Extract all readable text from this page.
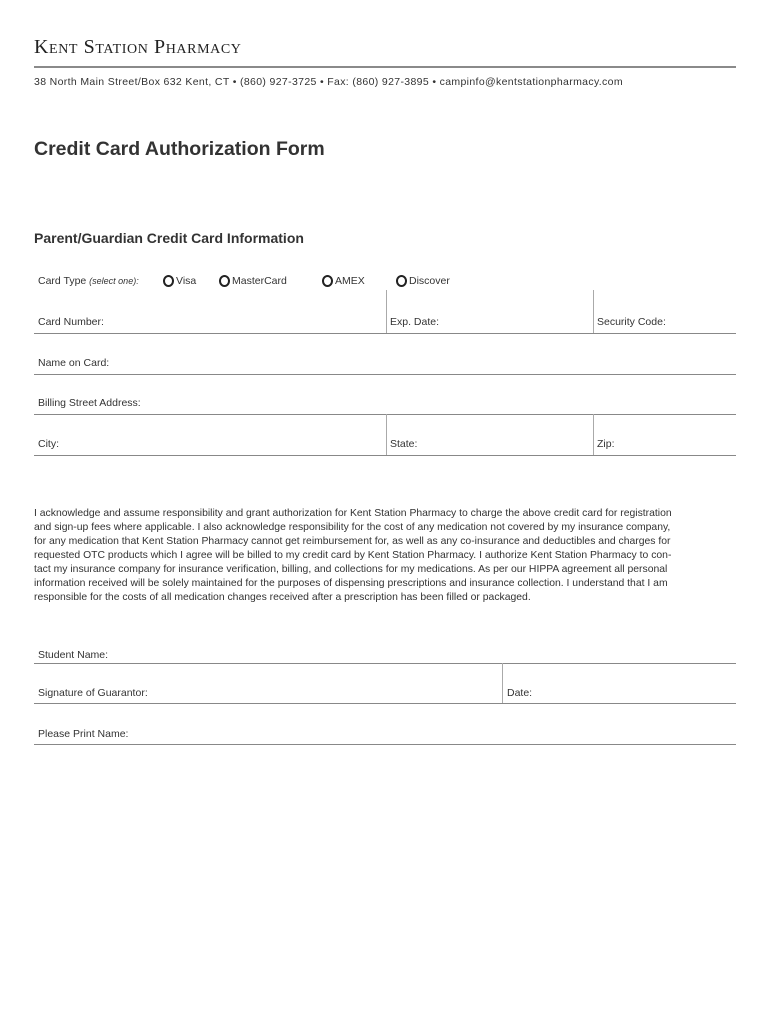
Kent Station Pharmacy
38 North Main Street/Box 632 Kent, CT • (860) 927-3725 • Fax: (860) 927-3895 • campinfo@kentstationpharmacy.com
Credit Card Authorization Form
Parent/Guardian Credit Card Information
Card Type (select one):	Visa	MasterCard	AMEX	Discover
Card Number:	Exp. Date:	Security Code:
Name on Card:
Billing Street Address:
City:	State:	Zip:
I acknowledge and assume responsibility and grant authorization for Kent Station Pharmacy to charge the above credit card for registration
and sign-up fees where applicable. I also acknowledge responsibility for the cost of any medication not covered by my insurance company,
for any medication that Kent Station Pharmacy cannot get reimbursement for, as well as any co-insurance and deductibles and charges for
requested OTC products which I agree will be billed to my credit card by Kent Station Pharmacy. I authorize Kent Station Pharmacy to con-
tact my insurance company for insurance verification, billing, and collections for my medications. As per our HIPPA agreement all personal
information received will be solely maintained for the purposes of dispensing prescriptions and insurance collection. I understand that I am
responsible for the costs of all medication changes received after a prescription has been filled or packaged.
Student Name:
Signature of Guarantor:	Date:
Please Print Name:
